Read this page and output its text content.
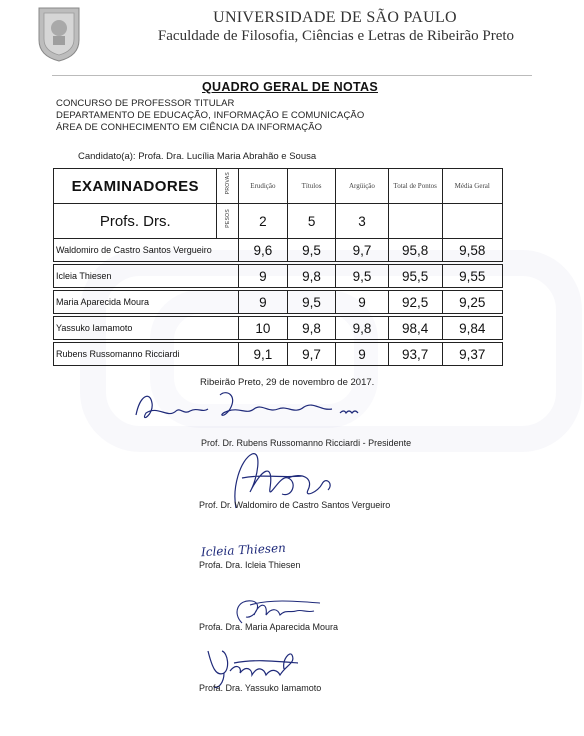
UNIVERSIDADE DE SÃO PAULO
Faculdade de Filosofia, Ciências e Letras de Ribeirão Preto
QUADRO GERAL DE NOTAS
CONCURSO DE PROFESSOR TITULAR
DEPARTAMENTO DE EDUCAÇÃO, INFORMAÇÃO E COMUNICAÇÃO
ÁREA DE CONHECIMENTO EM CIÊNCIA DA INFORMAÇÃO
Candidato(a): Profa. Dra. Lucília Maria Abrahão e Sousa
EXAMINADORES	PROVAS	Erudição	Títulos	Argüição	Total de Pontos	Média Geral
Profs. Drs.	PESOS	2	5	3		
Waldomiro de Castro Santos Vergueiro		9,6	9,5	9,7	95,8	9,58

Icleia Thiesen		9	9,8	9,5	95,5	9,55

Maria Aparecida Moura		9	9,5	9	92,5	9,25

Yassuko Iamamoto		10	9,8	9,8	98,4	9,84

Rubens Russomanno Ricciardi		9,1	9,7	9	93,7	9,37
Ribeirão Preto, 29 de novembro de 2017.
Prof. Dr. Rubens Russomanno Ricciardi - Presidente
Prof. Dr. Waldomiro de Castro Santos Vergueiro
Icleia Thiesen
Profa. Dra. Icleia Thiesen
Profa. Dra. Maria Aparecida Moura
Profa. Dra. Yassuko Iamamoto
